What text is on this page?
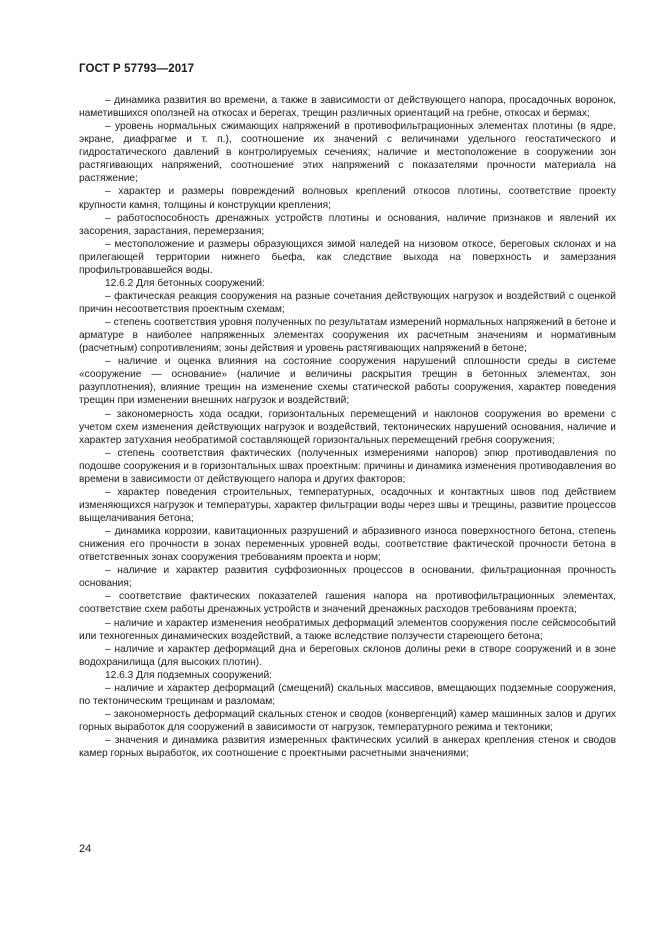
ГОСТ Р 57793—2017

– динамика развития во времени, а также в зависимости от действующего напора, просадочных воронок, наметившихся оползней на откосах и берегах, трещин различных ориентаций на гребне, откосах и бермах;

– уровень нормальных сжимающих напряжений в противофильтрационных элементах плотины (в ядре, экране, диафрагме и т. п.), соотношение их значений с величинами удельного геостатического и гидростатического давлений в контролируемых сечениях; наличие и местоположение в сооружении зон растягивающих напряжений, соотношение этих напряжений с показателями прочности материала на растяжение;

– характер и размеры повреждений волновых креплений откосов плотины, соответствие проекту крупности камня, толщины и конструкции крепления;

– работоспособность дренажных устройств плотины и основания, наличие признаков и явлений их засорения, зарастания, перемерзания;

– местоположение и размеры образующихся зимой наледей на низовом откосе, береговых склонах и на прилегающей территории нижнего бьефа, как следствие выхода на поверхность и замерзания профильтровавшейся воды.

12.6.2 Для бетонных сооружений:

– фактическая реакция сооружения на разные сочетания действующих нагрузок и воздействий с оценкой причин несоответствия проектным схемам;

– степень соответствия уровня полученных по результатам измерений нормальных напряжений в бетоне и арматуре в наиболее напряженных элементах сооружения их расчетным значениям и нормативным (расчетным) сопротивлениям; зоны действия и уровень растягивающих напряжений в бетоне;

– наличие и оценка влияния на состояние сооружения нарушений сплошности среды в системе «сооружение — основание» (наличие и величины раскрытия трещин в бетонных элементах, зон разуплотнения), влияние трещин на изменение схемы статической работы сооружения, характер поведения трещин при изменении внешних нагрузок и воздействий;

– закономерность хода осадки, горизонтальных перемещений и наклонов сооружения во времени с учетом схем изменения действующих нагрузок и воздействий, тектонических нарушений основания, наличие и характер затухания необратимой составляющей горизонтальных перемещений гребня сооружения;

– степень соответствия фактических (полученных измерениями напоров) эпюр противодавления по подошве сооружения и в горизонтальных швах проектным: причины и динамика изменения противодавления во времени в зависимости от действующего напора и других факторов;

– характер поведения строительных, температурных, осадочных и контактных швов под действием изменяющихся нагрузок и температуры, характер фильтрации воды через швы и трещины, развитие процессов выщелачивания бетона;

– динамика коррозии, кавитационных разрушений и абразивного износа поверхностного бетона, степень снижения его прочности в зонах переменных уровней воды, соответствие фактической прочности бетона в ответственных зонах сооружения требованиям проекта и норм;

– наличие и характер развития суффозионных процессов в основании, фильтрационная прочность основания;

– соответствие фактических показателей гашения напора на противофильтрационных элементах, соответствие схем работы дренажных устройств и значений дренажных расходов требованиям проекта;

– наличие и характер изменения необратимых деформаций элементов сооружения после сейсмособытий или техногенных динамических воздействий, а также вследствие ползучести стареющего бетона;

– наличие и характер деформаций дна и береговых склонов долины реки в створе сооружений и в зоне водохранилища (для высоких плотин).

12.6.3 Для подземных сооружений:

– наличие и характер деформаций (смещений) скальных массивов, вмещающих подземные сооружения, по тектоническим трещинам и разломам;

– закономерность деформаций скальных стенок и сводов (конвергенций) камер машинных залов и других горных выработок для сооружений в зависимости от нагрузок, температурного режима и тектоники;

– значения и динамика развития измеренных фактических усилий в анкерах крепления стенок и сводов камер горных выработок, их соотношение с проектными расчетными значениями;

24
